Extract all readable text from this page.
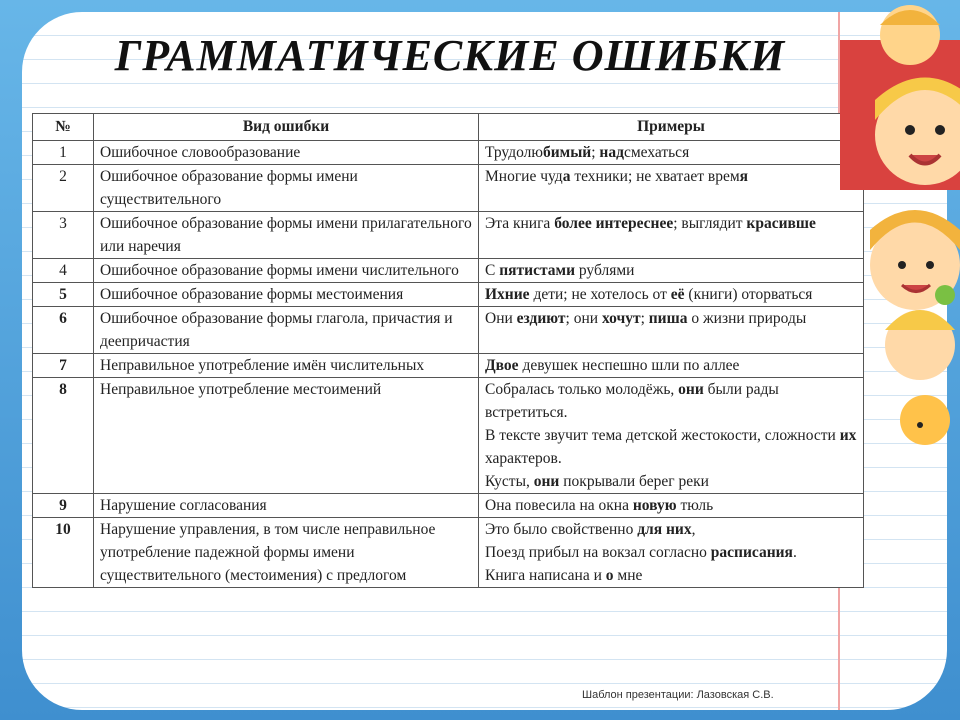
ГРАММАТИЧЕСКИЕ ОШИБКИ
№	Вид ошибки	Примеры
1	Ошибочное словообразование	Трудолюбимый; надсмехаться
2	Ошибочное образование формы имени существительного	Многие чуда техники; не хватает время
3	Ошибочное образование формы имени прилагательного или наречия	Эта книга более интереснее; выглядит красивше
4	Ошибочное образование формы имени числительного	С пятистами рублями
5	Ошибочное образование формы местоимения	Ихние дети; не хотелось от её (книги) оторваться
6	Ошибочное образование формы глагола, причастия и деепричастия	Они ездиют; они хочут; пиша о жизни природы
7	Неправильное употребление имён числительных	Двое девушек неспешно шли по аллее
8	Неправильное употребление местоимений	Собралась только молодёжь, они были рады встретиться.
В тексте звучит тема детской жестокости, сложности их характеров.
Кусты, они покрывали берег реки
9	Нарушение согласования	Она повесила на окна новую тюль
10	Нарушение управления, в том числе неправильное употребление падежной формы имени существительного (местоимения) с предлогом	Это было свойственно для них,
Поезд прибыл на вокзал согласно расписания.
Книга написана и о мне
Шаблон презентации: Лазовская С.В.
